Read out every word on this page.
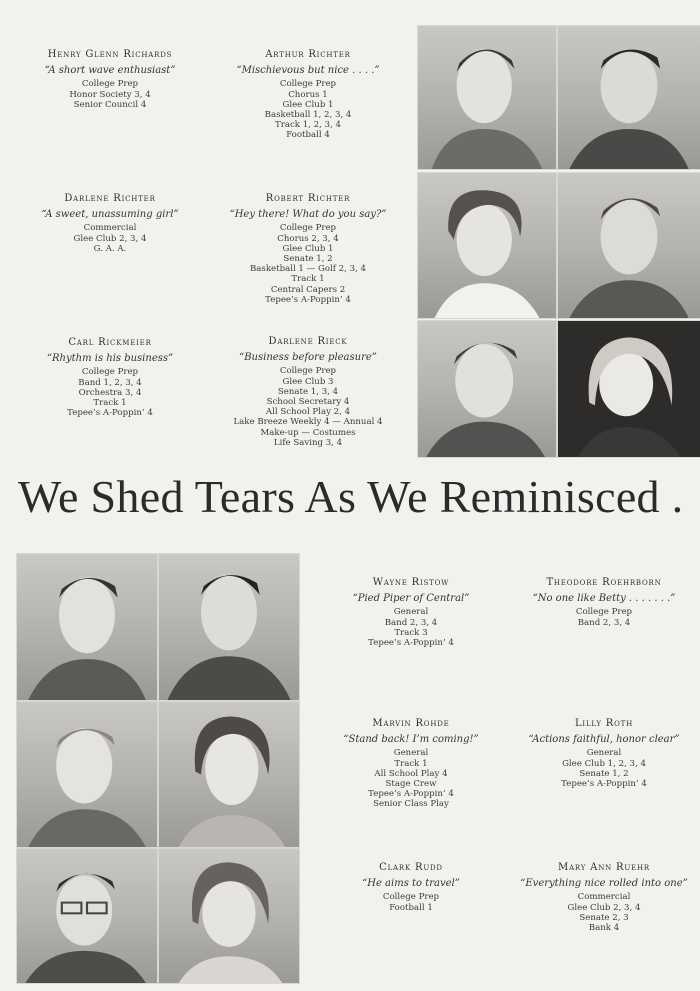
Henry Glenn Richards
“A short wave enthusiast”
College Prep
Honor Society 3, 4
Senior Council 4
Arthur Richter
“Mischievous but nice . . . .”
College Prep
Chorus 1
Glee Club 1
Basketball 1, 2, 3, 4
Track 1, 2, 3, 4
Football 4
Darlene Richter
“A sweet, unassuming girl”
Commercial
Glee Club 2, 3, 4
G. A. A.
Robert Richter
“Hey there! What do you say?”
College Prep
Chorus 2, 3, 4
Glee Club 1
Senate 1, 2
Basketball 1 — Golf 2, 3, 4
Track 1
Central Capers 2
Tepee’s A-Poppin’ 4
Carl Rickmeier
“Rhythm is his business”
College Prep
Band 1, 2, 3, 4
Orchestra 3, 4
Track 1
Tepee’s A-Poppin’ 4
Darlene Rieck
“Business before pleasure”
College Prep
Glee Club 3
Senate 1, 3, 4
School Secretary 4
All School Play 2, 4
Lake Breeze Weekly 4 — Annual 4
Make-up — Costumes
Life Saving 3, 4
We Shed Tears As We Reminisced .
Wayne Ristow
“Pied Piper of Central”
General
Band 2, 3, 4
Track 3
Tepee’s A-Poppin’ 4
Theodore Roehrborn
“No one like Betty . . . . . . .”
College Prep
Band 2, 3, 4
Marvin Rohde
“Stand back! I’m coming!”
General
Track 1
All School Play 4
Stage Crew
Tepee’s A-Poppin’ 4
Senior Class Play
Lilly Roth
“Actions faithful, honor clear”
General
Glee Club 1, 2, 3, 4
Senate 1, 2
Tepee’s A-Poppin’ 4
Clark Rudd
“He aims to travel”
College Prep
Football 1
Mary Ann Ruehr
“Everything nice rolled into one”
Commercial
Glee Club 2, 3, 4
Senate 2, 3
Bank 4
